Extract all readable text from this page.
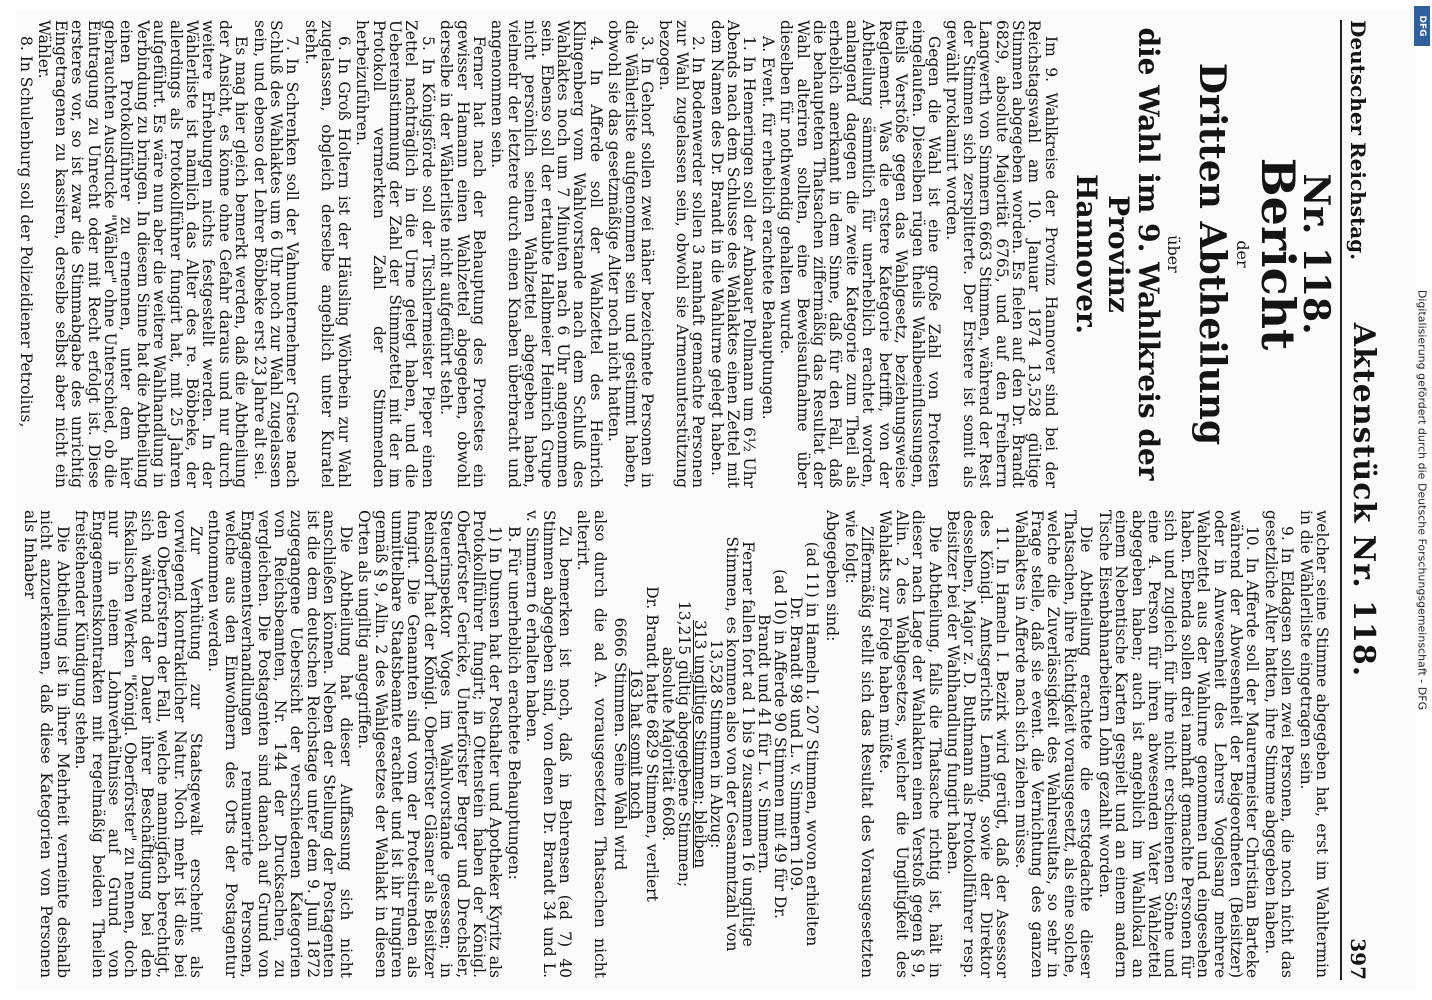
Deutscher Reichstag.
Aktenstück Nr. 118.
397
Nr. 118.
Bericht
der
Dritten Abtheilung
über
die Wahl im 9. Wahlkreis der Provinz
Hannover.

Im 9. Wahlkreise der Provinz Hannover sind bei der Reichstagswahl am 10. Januar 1874 13,528 gültige Stimmen abgegeben worden. Es fielen auf den Dr. Brandt 6829, absolute Majorität 6765, und auf den Freiherrn Langwerth von Simmern 6663 Stimmen, während der Rest der Stimmen sich zersplitterte. Der Erstere ist somit als gewählt proklamirt worden.

Gegen die Wahl ist eine große Zahl von Protesten eingelaufen. Dieselben rügen theils Wahlbeeinflussungen, theils Verstöße gegen das Wahlgesetz, beziehungsweise Reglement. Was die erstere Kategorie betrifft, von der Abtheilung sämmtlich für unerheblich erachtet worden, anlangend dagegen die zweite Kategorie zum Theil als erheblich anerkannt in dem Sinne, daß für den Fall, daß die behaupteten Thatsachen ziffermäßig das Resultat der Wahl alteriren sollten, eine Beweisaufnahme über dieselben für nothwendig gehalten wurde.

A. Event. für erheblich erachtete Behauptungen.

1. In Hemeringen soll der Anbauer Pollmann um 6½ Uhr Abends nach dem Schlusse des Wahlaktes einen Zettel mit dem Namen des Dr. Brandt in die Wahlurne gelegt haben.

2. In Bodenwerder sollen 3 namhaft gemachte Personen zur Wahl zugelassen sein, obwohl sie Armenunterstützung bezogen.

3. In Gehorf sollen zwei näher bezeichnete Personen in die Wählerliste aufgenommen sein und gestimmt haben, obwohl sie das gesetzmäßige Alter noch nicht hatten.

4. In Afferde soll der Wahlzettel des Heinrich Klingenberg vom Wahlvorstande nach dem Schluß des Wahlaktes noch um 7 Minuten nach 6 Uhr angenommen sein. Ebenso soll der ertaubte Halbmeier Heinrich Grupe nicht persönlich seinen Wahlzettel abgegeben haben, vielmehr der letztere durch einen Knaben überbracht und angenommen sein.

Ferner hat nach der Behauptung des Protestes ein gewisser Hamann einen Wahlzettel abgegeben, obwohl derselbe in der Wählerliste nicht aufgeführt steht.

5. In Königsförde soll der Tischlermeister Pieper einen Zettel nachträglich in die Urne gelegt haben, und die Uebereinstimmung der Zahl der Stimmzettel mit der im Protokoll vermerkten Zahl der Stimmenden herbeizuführen.

6. In Groß Holtern ist der Häusling Wöhrbein zur Wahl zugelassen, obgleich derselbe angeblich unter Kuratel steht.

7. In Schrenken soll der Vahnunternehmer Griese nach Schluß des Wahlaktes um 6 Uhr noch zur Wahl zugelassen sein, und ebenso der Lehrer Böbbeke erst 23 Jahre alt sei.

Es mag hier gleich bemerkt werden, daß die Abtheilung der Ansicht, es könne ohne Gefahr daraus und nur durch weitere Erhebungen nichts festgestellt werden. In der Wählerliste ist nämlich das Alter des re. Böbbeke, der allerdings als Protokollführer fungirt hat, mit 25 Jahren aufgeführt. Es wäre nun aber die weitere Wahlhandlung in Verbindung zu bringen. In diesem Sinne hat die Abtheilung einen Protokollführer zu ernennen, unter dem hier gebrauchten Ausdrucke "Wähler" ohne Unterschied, ob die Eintragung zu Unrecht oder mit Recht erfolgt ist. Diese ersteres vor, so ist zwar die Stimmabgabe des unrichtig Eingetragenen zu kassiren, derselbe selbst aber nicht ein Wähler.

8. In Schulenburg soll der Polizeidiener Petrolius,

welcher seine Stimme abgegeben hat, erst im Wahltermin in die Wählerliste eingetragen sein.

9. In Eldagsen sollen zwei Personen, die noch nicht das gesetzliche Alter hatten, ihre Stimme abgegeben haben.

10. In Afferde soll der Maurermeister Christian Barteke während der Abwesenheit der Beigeordneten (Beisitzer) oder in Anwesenheit des Lehrers Vogelsang mehrere Wahlzettel aus der Wahlurne genommen und eingesehen haben. Ebenda sollen drei namhaft gemachte Personen für sich und zugleich für ihre nicht erschienenen Söhne und eine 4. Person für ihren abwesenden Vater Wahlzettel abgegeben haben; auch ist angeblich im Wahllokal an einem Nebentische Karten gespielt und an einem andern Tische Eisenbahnarbeitern Lohn gezahlt worden.

Die Abtheilung erachtete die erstgedachte dieser Thatsachen, ihre Richtigkeit vorausgesetzt, als eine solche, welche die Zuverlässigkeit des Wahlresultats, so sehr in Frage stelle, daß sie event. die Vernichtung des ganzen Wahlaktes in Afferde nach sich ziehen müsse.

11. In Hameln I. Bezirk wird gerügt, daß der Assessor des Königl. Amtsgerichts Lenning, sowie der Direktor desselben, Major z. D. Buthmann als Protokollführer resp. Beisitzer bei der Wahlhandlung fungirt haben.

Die Abtheilung, falls die Thatsache richtig ist, hält in dieser nach Lage der Wahlakten einen Verstoß gegen § 9, Alin. 2 des Wahlgesetzes, welcher die Ungiltigkeit des Wahlakts zur Folge haben müßte.

Ziffermäßig stellt sich das Resultat des Vorausgesetzten wie folgt:

Abgegeben sind:

(ad 11) in Hameln I. 207 Stimmen, wovon erhielten
Dr. Brandt 98 und L. v. Simmern 109.
(ad 10) in Afferde 90 Stimmen mit 49 für Dr.
Brandt und 41 für L. v. Simmern.
Ferner fallen fort ad 1 bis 9 zusammen 16 ungiltige
Stimmen, es kommen also von der Gesammtzahl von
13,528 Stimmen in Abzug:
313 ungiltige Stimmen; bleiben
13,215 gültig abgegebene Stimmen;
absolute Majorität 6608.
Dr. Brandt hatte 6829 Stimmen, verliert
163 hat somit noch
6666 Stimmen. Seine Wahl wird

also durch die ad A. vorausgesetzten Thatsachen nicht alterirt.

Zu bemerken ist noch, daß in Behrensen (ad 7) 40 Stimmen abgegeben sind, von denen Dr. Brandt 34 und L. v. Simmern 6 erhalten haben.

B. Für unerheblich erachtete Behauptungen:

1) In Dunsen hat der Posthalter und Apotheker Kyritz als Protokollführer fungirt; in Ottenstein haben der Königl. Oberförster Gericke, Unterförster Berger und Drechsler, Steuerinspektor Voges im Wahlvorstande gesessen; in Reinsdorf hat der Königl. Oberförster Gläsner als Beisitzer fungirt. Die Genannten sind vom der Protestirenden als unmittelbare Staatsbeamte erachtet und ist ihr Fungiren gemäß § 9, Alin. 2 des Wahlgesetzes der Wahlakt in diesen Orten als ungiltig angegriffen.

Die Abtheilung hat dieser Auffassung sich nicht anschließen können. Neben der Stellung der Postagenten ist die dem deutschen Reichstage unter dem 9. Juni 1872 zugegangene Uebersicht der verschiedenen Kategorien von Reichsbeamten, Nr. 144 der Drucksachen, zu vergleichen. Die Postagenten sind danach auf Grund von Engagementsverhandlungen remunerirte Personen, welche aus den Einwohnern des Orts der Postagentur entnommen werden.

Zur Verhütung zur Staatsgewalt erscheint als vorwiegend kontraktlicher Natur. Noch mehr ist dies bei den Oberförstern der Fall, welche mannigfach berechtigt, sich während der Dauer ihrer Beschäftigung bei den fiskalischen Werken "Königl. Oberförster" zu nennen, doch nur in einem Lohnverhältnisse auf Grund von Engagementskontrakten mit regelmäßig beiden Theilen freistehender Kündigung stehen.

Die Abtheilung ist in ihrer Mehrheit verneinte deshalb nicht anzuerkennen, daß diese Kategorien von Personen als Inhaber	Digitalisierung gefördert durch die Deutsche Forschungsgemeinschaft - DFG
DFG
